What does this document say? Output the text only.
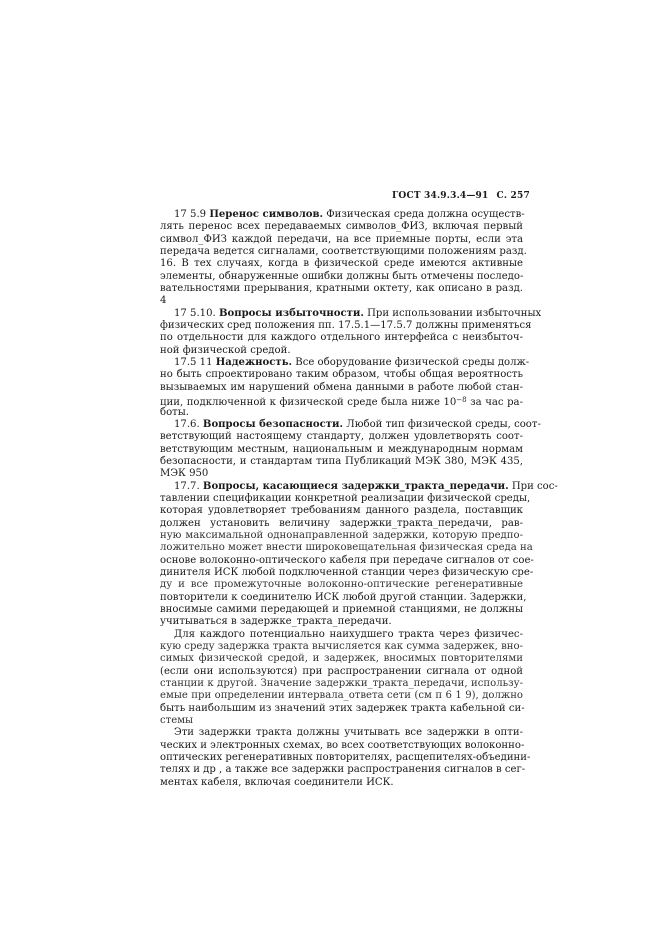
ГОСТ 34.9.3.4—91 С. 257
17 5.9 Перенос символов. Физическая среда должна осуществ-
лять перенос всех передаваемых символов_ФИЗ, включая первый
символ_ФИЗ каждой передачи, на все приемные порты, если эта
передача ведется сигналами, соответствующими положениям разд.
16. В тех случаях, когда в физической среде имеются активные
элементы, обнаруженные ошибки должны быть отмечены последо-
вательностями прерывания, кратными октету, как описано в разд.
4
17 5.10. Вопросы избыточности. При использовании избыточных
физических сред положения пп. 17.5.1—17.5.7 должны применяться
по отдельности для каждого отдельного интерфейса с неизбыточ-
ной физической средой.
17.5 11 Надежность. Все оборудование физической среды долж-
но быть спроектировано таким образом, чтобы общая вероятность
вызываемых им нарушений обмена данными в работе любой стан-
ции, подключенной к физической среде была ниже $10^{-8}$ за час ра-
боты.
17.6. Вопросы безопасности. Любой тип физической среды, соот-
ветствующий настоящему стандарту, должен удовлетворять соот-
ветствующим местным, национальным и международным нормам
безопасности, и стандартам типа Публикаций МЭК 380, МЭК 435,
МЭК 950
17.7. Вопросы, касающиеся задержки_тракта_передачи. При сос-
тавлении спецификации конкретной реализации физической среды,
которая удовлетворяет требованиям данного раздела, поставщик
должен установить величину задержки_тракта_передачи, рав-
ную максимальной однонаправленной задержки, которую предпо-
ложительно может внести широковещательная физическая среда на
основе волоконно-оптического кабеля при передаче сигналов от сое-
динителя ИСК любой подключенной станции через физическую сре-
ду и все промежуточные волоконно-оптические регенеративные
повторители к соединителю ИСК любой другой станции. Задержки,
вносимые самими передающей и приемной станциями, не должны
учитываться в задержке_тракта_передачи.
Для каждого потенциально наихудшего тракта через физичес-
кую среду задержка тракта вычисляется как сумма задержек, вно-
симых физической средой, и задержек, вносимых повторителями
(если они используются) при распространении сигнала от одной
станции к другой. Значение задержки_тракта_передачи, использу-
емые при определении интервала_ответа сети (см п 6 1 9), должно
быть наибольшим из значений этих задержек тракта кабельной си-
стемы
Эти задержки тракта должны учитывать все задержки в опти-
ческих и электронных схемах, во всех соответствующих волоконно-
оптических регенеративных повторителях, расщепителях-объедини-
телях и др , а также все задержки распространения сигналов в сег-
ментах кабеля, включая соединители ИСК.
